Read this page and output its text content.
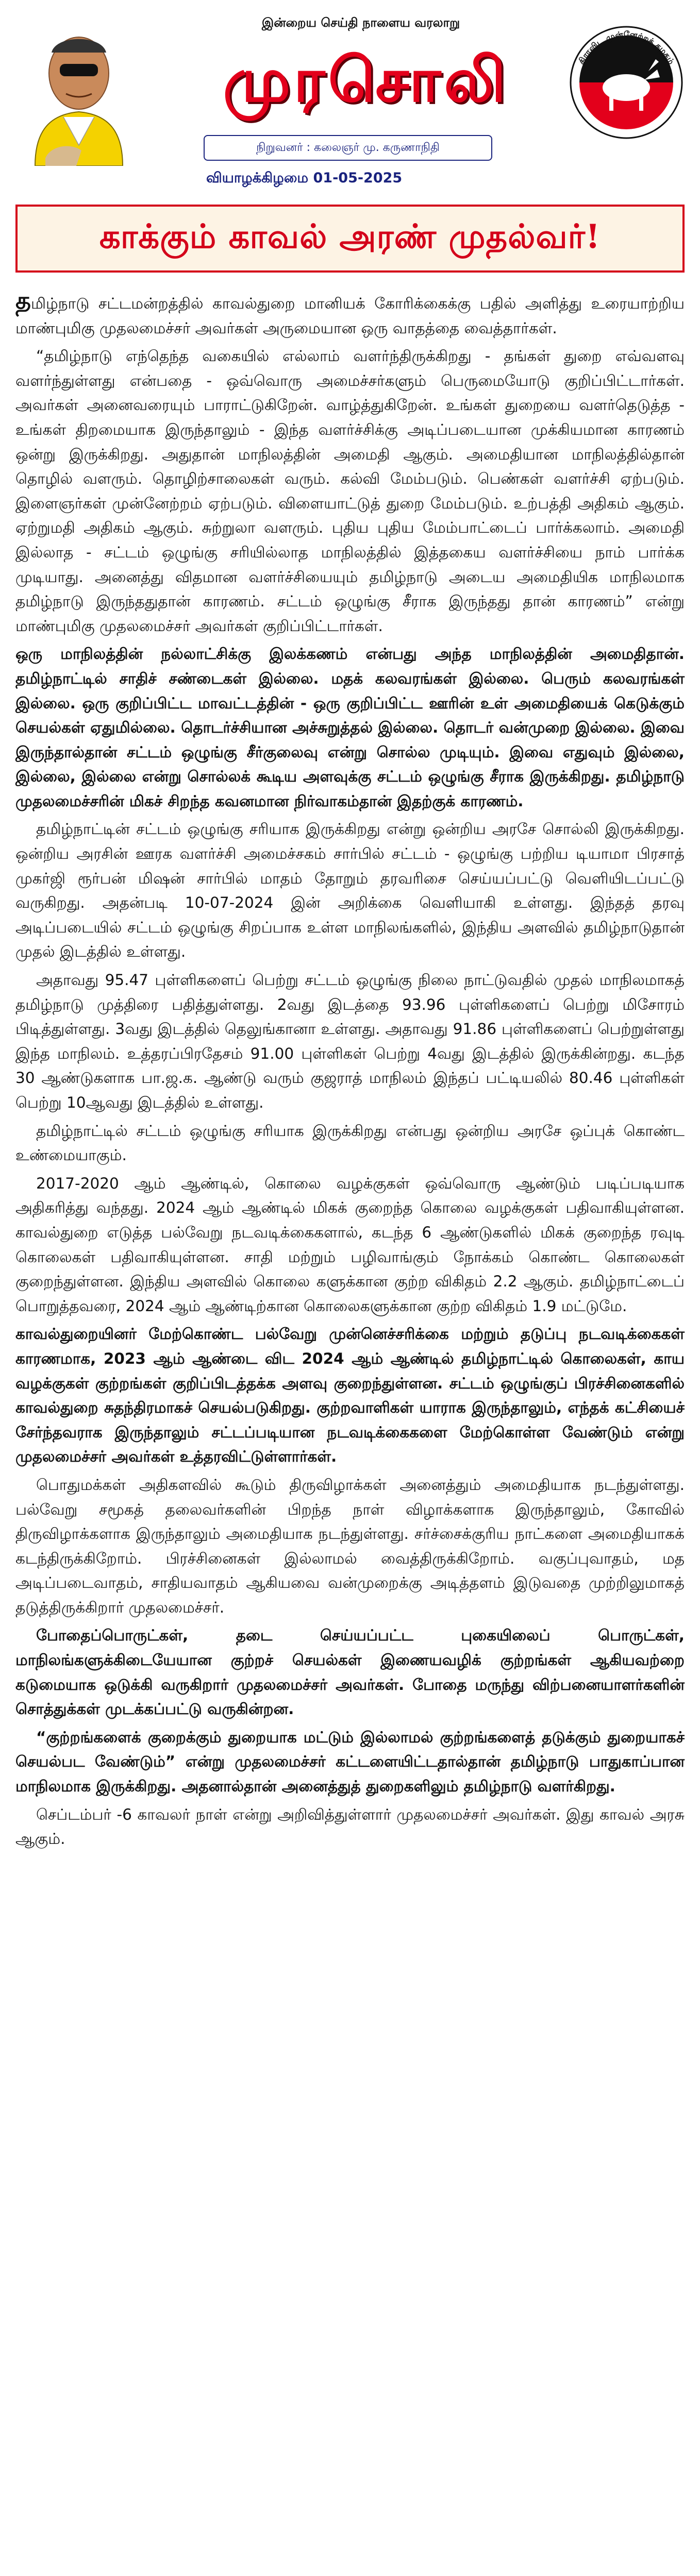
இன்றைய செய்தி நாளைய வரலாறு
முரசொலி
நிறுவனர் : கலைஞர் மு. கருணாநிதி
திராவிட முன்னேற்றக் கழகம்
வியாழக்கிழமை 01-05-2025
காக்கும் காவல் அரண் முதல்வர்!

தமிழ்நாடு சட்டமன்றத்தில் காவல்துறை மானியக் கோரிக்கைக்கு பதில் அளித்து உரையாற்றிய மாண்புமிகு முதலமைச்சர் அவர்கள் அருமையான ஒரு வாதத்தை வைத்தார்கள்.

“தமிழ்நாடு எந்தெந்த வகையில் எல்லாம் வளர்ந்திருக்கிறது - தங்கள் துறை எவ்வளவு வளர்ந்துள்ளது என்பதை - ஒவ்வொரு அமைச்சர்களும் பெருமையோடு குறிப்பிட்டார்கள். அவர்கள் அனைவரையும் பாராட்டுகிறேன். வாழ்த்துகிறேன். உங்கள் துறையை வளர்தெடுத்த - உங்கள் திறமையாக இருந்தாலும் - இந்த வளர்ச்சிக்கு அடிப்படையான முக்கியமான காரணம் ஒன்று இருக்கிறது. அதுதான் மாநிலத்தின் அமைதி ஆகும். அமைதியான மாநிலத்தில்தான் தொழில் வளரும். தொழிற்சாலைகள் வரும். கல்வி மேம்படும். பெண்கள் வளர்ச்சி ஏற்படும். இளைஞர்கள் முன்னேற்றம் ஏற்படும். விளையாட்டுத் துறை மேம்படும். உற்பத்தி அதிகம் ஆகும். ஏற்றுமதி அதிகம் ஆகும். சுற்றுலா வளரும். புதிய புதிய மேம்பாட்டைப் பார்க்கலாம். அமைதி இல்லாத - சட்டம் ஒழுங்கு சரியில்லாத மாநிலத்தில் இத்தகைய வளர்ச்சியை நாம் பார்க்க முடியாது. அனைத்து விதமான வளர்ச்சியையும் தமிழ்நாடு அடைய அமைதியிக மாநிலமாக தமிழ்நாடு இருந்ததுதான் காரணம். சட்டம் ஒழுங்கு சீராக இருந்தது தான் காரணம்” என்று மாண்புமிகு முதலமைச்சர் அவர்கள் குறிப்பிட்டார்கள்.

ஒரு மாநிலத்தின் நல்லாட்சிக்கு இலக்கணம் என்பது அந்த மாநிலத்தின் அமைதிதான். தமிழ்நாட்டில் சாதிச் சண்டைகள் இல்லை. மதக் கலவரங்கள் இல்லை. பெரும் கலவரங்கள் இல்லை. ஒரு குறிப்பிட்ட மாவட்டத்தின் - ஒரு குறிப்பிட்ட ஊரின் உள் அமைதியைக் கெடுக்கும் செயல்கள் ஏதுமில்லை. தொடர்ச்சியான அச்சுறுத்தல் இல்லை. தொடர் வன்முறை இல்லை. இவை இருந்தால்தான் சட்டம் ஒழுங்கு சீர்குலைவு என்று சொல்ல முடியும். இவை எதுவும் இல்லை, இல்லை, இல்லை என்று சொல்லக் கூடிய அளவுக்கு சட்டம் ஒழுங்கு சீராக இருக்கிறது. தமிழ்நாடு முதலமைச்சரின் மிகச் சிறந்த கவனமான நிர்வாகம்தான் இதற்குக் காரணம்.

தமிழ்நாட்டின் சட்டம் ஒழுங்கு சரியாக இருக்கிறது என்று ஒன்றிய அரசே சொல்லி இருக்கிறது. ஒன்றிய அரசின் ஊரக வளர்ச்சி அமைச்சகம் சார்பில் சட்டம் - ஒழுங்கு பற்றிய டியாமா பிரசாத் முகர்ஜி ரூர்பன் மிஷன் சார்பில் மாதம் தோறும் தரவரிசை செய்யப்பட்டு வெளியிடப்பட்டு வருகிறது. அதன்படி 10-07-2024 இன் அறிக்கை வெளியாகி உள்ளது. இந்தத் தரவு அடிப்படையில் சட்டம் ஒழுங்கு சிறப்பாக உள்ள மாநிலங்களில், இந்திய அளவில் தமிழ்நாடுதான் முதல் இடத்தில் உள்ளது.

அதாவது 95.47 புள்ளிகளைப் பெற்று சட்டம் ஒழுங்கு நிலை நாட்டுவதில் முதல் மாநிலமாகத் தமிழ்நாடு முத்திரை பதித்துள்ளது. 2வது இடத்தை 93.96 புள்ளிகளைப் பெற்று மிசோரம் பிடித்துள்ளது. 3வது இடத்தில் தெலுங்கானா உள்ளது. அதாவது 91.86 புள்ளிகளைப் பெற்றுள்ளது இந்த மாநிலம். உத்தரப்பிரதேசம் 91.00 புள்ளிகள் பெற்று 4வது இடத்தில் இருக்கின்றது. கடந்த 30 ஆண்டுகளாக பா.ஜ.க. ஆண்டு வரும் குஜராத் மாநிலம் இந்தப் பட்டியலில் 80.46 புள்ளிகள் பெற்று 10ஆவது இடத்தில் உள்ளது.

தமிழ்நாட்டில் சட்டம் ஒழுங்கு சரியாக இருக்கிறது என்பது ஒன்றிய அரசே ஒப்புக் கொண்ட உண்மையாகும்.

2017-2020 ஆம் ஆண்டில், கொலை வழக்குகள் ஒவ்வொரு ஆண்டும் படிப்படியாக அதிகரித்து வந்தது. 2024 ஆம் ஆண்டில் மிகக் குறைந்த கொலை வழக்குகள் பதிவாகியுள்ளன. காவல்துறை எடுத்த பல்வேறு நடவடிக்கைகளால், கடந்த 6 ஆண்டுகளில் மிகக் குறைந்த ரவுடி கொலைகள் பதிவாகியுள்ளன. சாதி மற்றும் பழிவாங்கும் நோக்கம் கொண்ட கொலைகள் குறைந்துள்ளன. இந்திய அளவில் கொலை களுக்கான குற்ற விகிதம் 2.2 ஆகும். தமிழ்நாட்டைப் பொறுத்தவரை, 2024 ஆம் ஆண்டிற்கான கொலைகளுக்கான குற்ற விகிதம் 1.9 மட்டுமே.

காவல்துறையினர் மேற்கொண்ட பல்வேறு முன்னெச்சரிக்கை மற்றும் தடுப்பு நடவடிக்கைகள் காரணமாக, 2023 ஆம் ஆண்டை விட 2024 ஆம் ஆண்டில் தமிழ்நாட்டில் கொலைகள், காய வழக்குகள் குற்றங்கள் குறிப்பிடத்தக்க அளவு குறைந்துள்ளன. சட்டம் ஒழுங்குப் பிரச்சினைகளில் காவல்துறை சுதந்திரமாகச் செயல்படுகிறது. குற்றவாளிகள் யாராக இருந்தாலும், எந்தக் கட்சியைச் சேர்ந்தவராக இருந்தாலும் சட்டப்படியான நடவடிக்கைகளை மேற்கொள்ள வேண்டும் என்று முதலமைச்சர் அவர்கள் உத்தரவிட்டுள்ளார்கள்.

பொதுமக்கள் அதிகளவில் கூடும் திருவிழாக்கள் அனைத்தும் அமைதியாக நடந்துள்ளது. பல்வேறு சமூகத் தலைவர்களின் பிறந்த நாள் விழாக்களாக இருந்தாலும், கோவில் திருவிழாக்களாக இருந்தாலும் அமைதியாக நடந்துள்ளது. சர்ச்சைக்குரிய நாட்களை அமைதியாகக் கடந்திருக்கிறோம். பிரச்சினைகள் இல்லாமல் வைத்திருக்கிறோம். வகுப்புவாதம், மத அடிப்படைவாதம், சாதியவாதம் ஆகியவை வன்முறைக்கு அடித்தளம் இடுவதை முற்றிலுமாகத் தடுத்திருக்கிறார் முதலமைச்சர்.

போதைப்பொருட்கள், தடை செய்யப்பட்ட புகையிலைப் பொருட்கள், மாநிலங்களுக்கிடையேயான குற்றச் செயல்கள் இணையவழிக் குற்றங்கள் ஆகியவற்றை கடுமையாக ஒடுக்கி வருகிறார் முதலமைச்சர் அவர்கள். போதை மருந்து விற்பனையாளர்களின் சொத்துக்கள் முடக்கப்பட்டு வருகின்றன.

“குற்றங்களைக் குறைக்கும் துறையாக மட்டும் இல்லாமல் குற்றங்களைத் தடுக்கும் துறையாகச் செயல்பட வேண்டும்” என்று முதலமைச்சர் கட்டளையிட்டதால்தான் தமிழ்நாடு பாதுகாப்பான மாநிலமாக இருக்கிறது. அதனால்தான் அனைத்துத் துறைகளிலும் தமிழ்நாடு வளர்கிறது.

செப்டம்பர் -6 காவலர் நாள் என்று அறிவித்துள்ளார் முதலமைச்சர் அவர்கள். இது காவல் அரசு ஆகும்.
